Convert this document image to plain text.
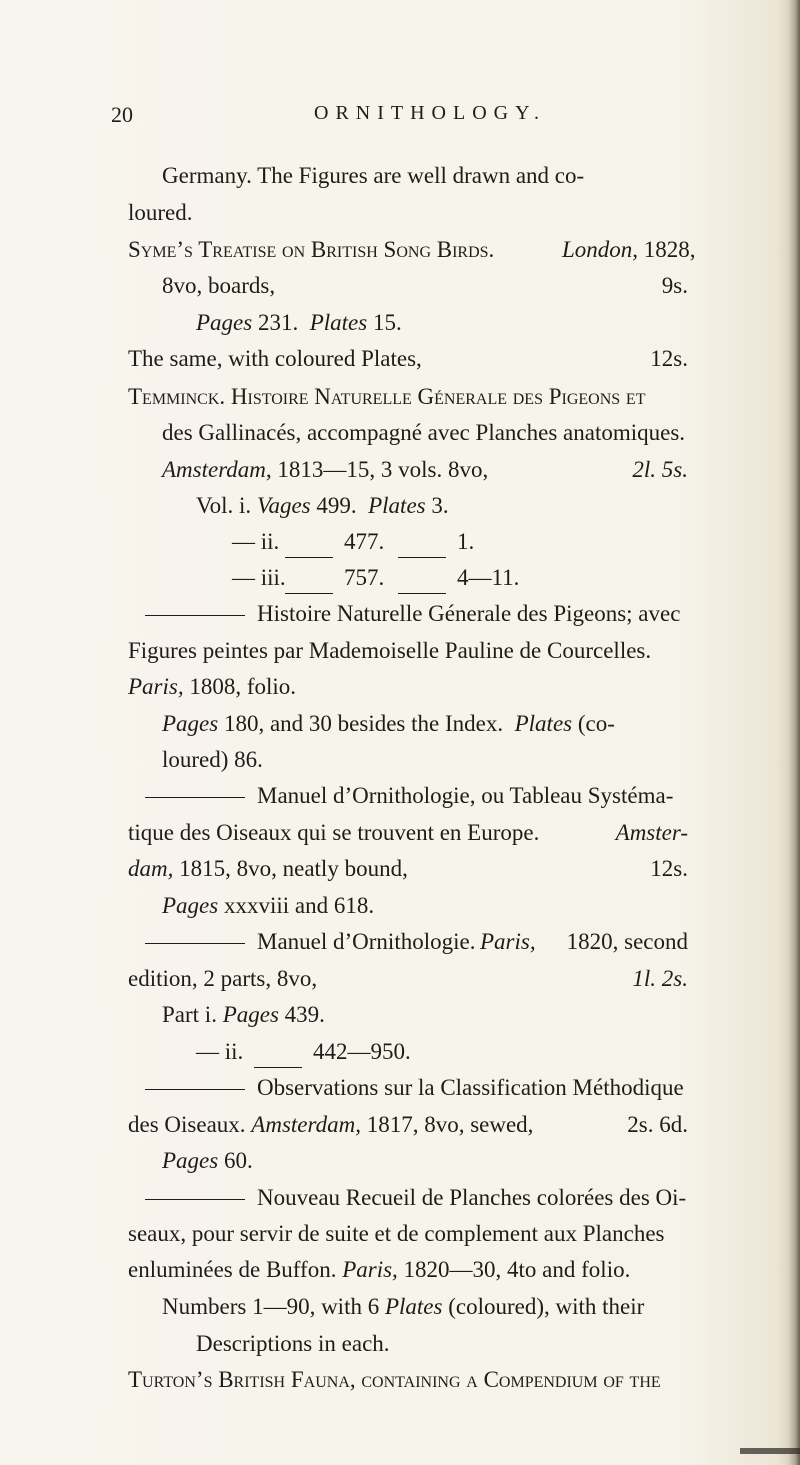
20	ORNITHOLOGY.
Germany. The Figures are well drawn and co-
loured.
Syme’s Treatise on British Song Birds.	London, 1828,
8vo, boards,	9s.
Pages 231. Plates 15.
The same, with coloured Plates,	12s.
Temminck. Histoire Naturelle Génerale des Pigeons et
des Gallinacés, accompagné avec Planches anatomiques.
Amsterdam, 1813—15, 3 vols. 8vo,	2l. 5s.
Vol. i. Vages 499. Plates 3.
— ii.	477.	1.
— iii.	757.	4—11.
Histoire Naturelle Génerale des Pigeons; avec
Figures peintes par Mademoiselle Pauline de Courcelles.
Paris, 1808, folio.
Pages 180, and 30 besides the Index. Plates (co-
loured) 86.
Manuel d’Ornithologie, ou Tableau Systéma-
tique des Oiseaux qui se trouvent en Europe.	Amster-
dam, 1815, 8vo, neatly bound,	12s.
Pages xxxviii and 618.
Manuel d’Ornithologie. Paris, 1820, second
edition, 2 parts, 8vo,	1l. 2s.
Part i. Pages 439.
— ii.	442—950.
Observations sur la Classification Méthodique
des Oiseaux. Amsterdam, 1817, 8vo, sewed,	2s. 6d.
Pages 60.
Nouveau Recueil de Planches colorées des Oi-
seaux, pour servir de suite et de complement aux Planches
enluminées de Buffon. Paris, 1820—30, 4to and folio.
Numbers 1—90, with 6 Plates (coloured), with their
Descriptions in each.
Turton’s British Fauna, containing a Compendium of the
